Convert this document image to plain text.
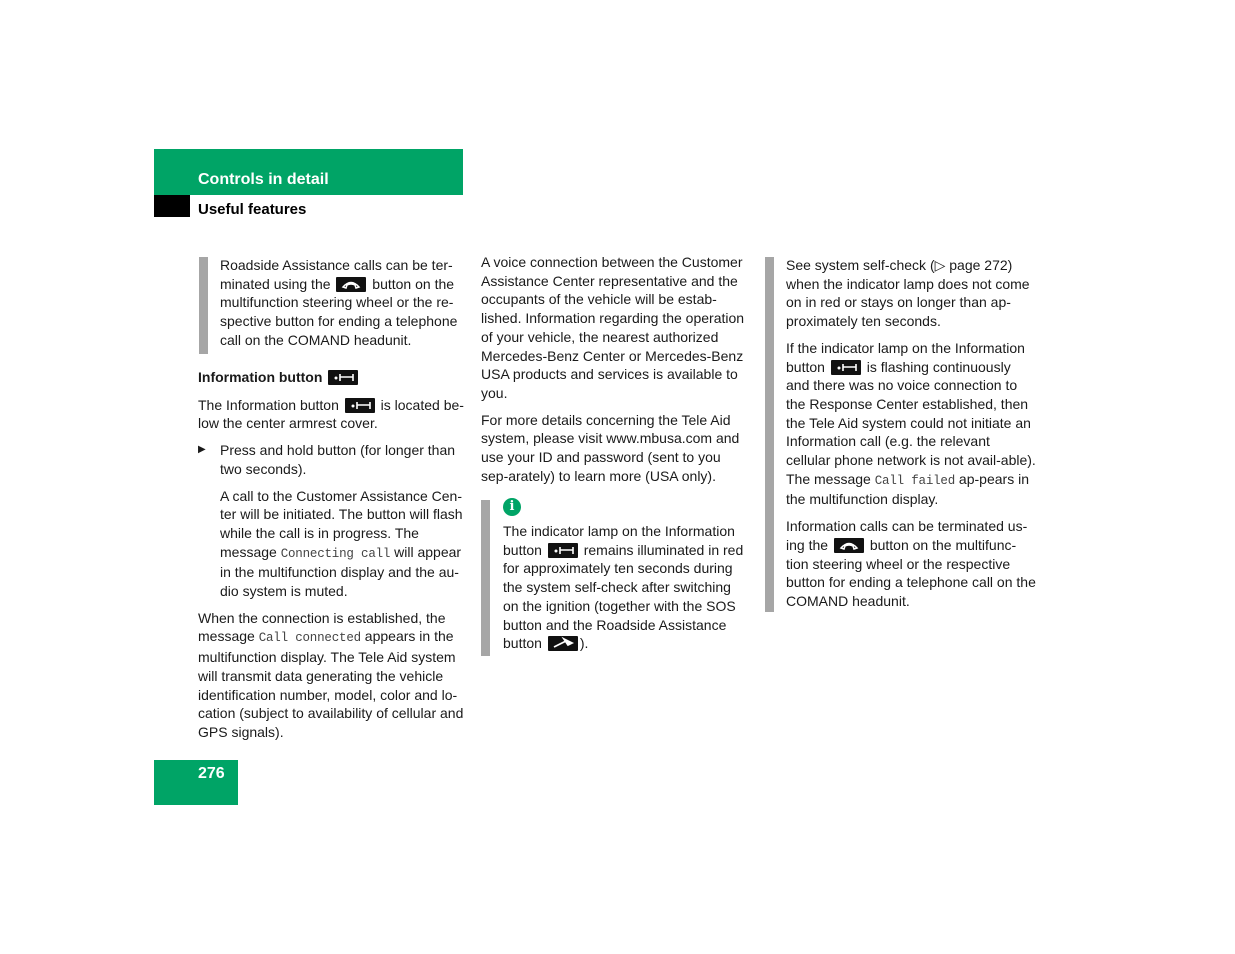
Controls in detail
Useful features

Roadside Assistance calls can be ter-minated using the
button on the multifunction steering wheel or the re-spective button for ending a telephone call on the COMAND headunit.

Information button

The Information button
is located be-low the center armrest cover.

▶ Press and hold button (for longer than two seconds).

A call to the Customer Assistance Cen-ter will be initiated. The button will flash while the call is in progress. The message Connecting call will appear in the multifunction display and the au-dio system is muted.

When the connection is established, the message Call connected appears in the multifunction display. The Tele Aid system will transmit data generating the vehicle identification number, model, color and lo-cation (subject to availability of cellular and GPS signals).

A voice connection between the Customer Assistance Center representative and the occupants of the vehicle will be estab-lished. Information regarding the operation of your vehicle, the nearest authorized Mercedes-Benz Center or Mercedes-Benz USA products and services is available to you.

For more details concerning the Tele Aid system, please visit www.mbusa.com and use your ID and password (sent to you sep-arately) to learn more (USA only).

i

The indicator lamp on the Information button
remains illuminated in red for approximately ten seconds during the system self-check after switching on the ignition (together with the SOS button and the Roadside Assistance button
).

See system self-check (▷ page 272) when the indicator lamp does not come on in red or stays on longer than ap-proximately ten seconds.

If the indicator lamp on the Information button
is flashing continuously and there was no voice connection to the Response Center established, then the Tele Aid system could not initiate an Information call (e.g. the relevant cellular phone network is not avail-able). The message Call failed ap-pears in the multifunction display.

Information calls can be terminated us-ing the
button on the multifunc-tion steering wheel or the respective button for ending a telephone call on the COMAND headunit.

276
